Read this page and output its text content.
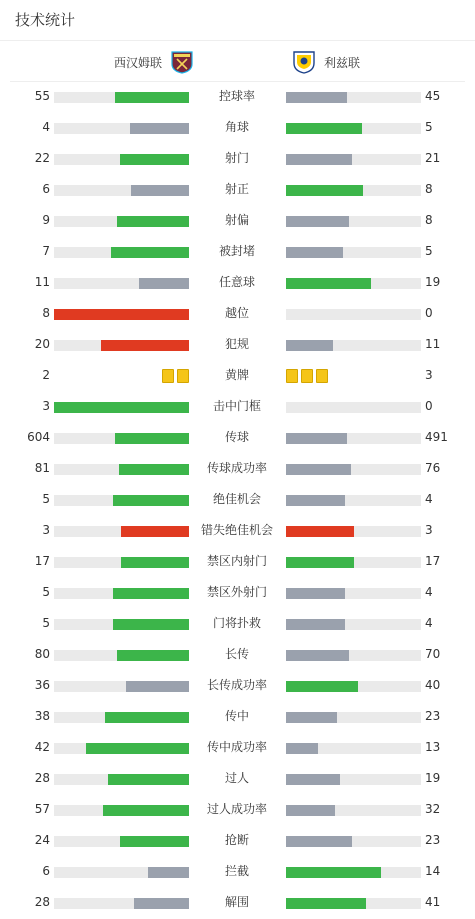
技术统计
西汉姆联	利兹联
55	控球率	45
4	角球	5
22	射门	21
6	射正	8
9	射偏	8
7	被封堵	5
11	任意球	19
8	越位	0
20	犯规	11
2	黄牌	3
3	击中门框	0
604	传球	491
81	传球成功率	76
5	绝佳机会	4
3	错失绝佳机会	3
17	禁区内射门	17
5	禁区外射门	4
5	门将扑救	4
80	长传	70
36	长传成功率	40
38	传中	23
42	传中成功率	13
28	过人	19
57	过人成功率	32
24	抢断	23
6	拦截	14
28	解围	41
